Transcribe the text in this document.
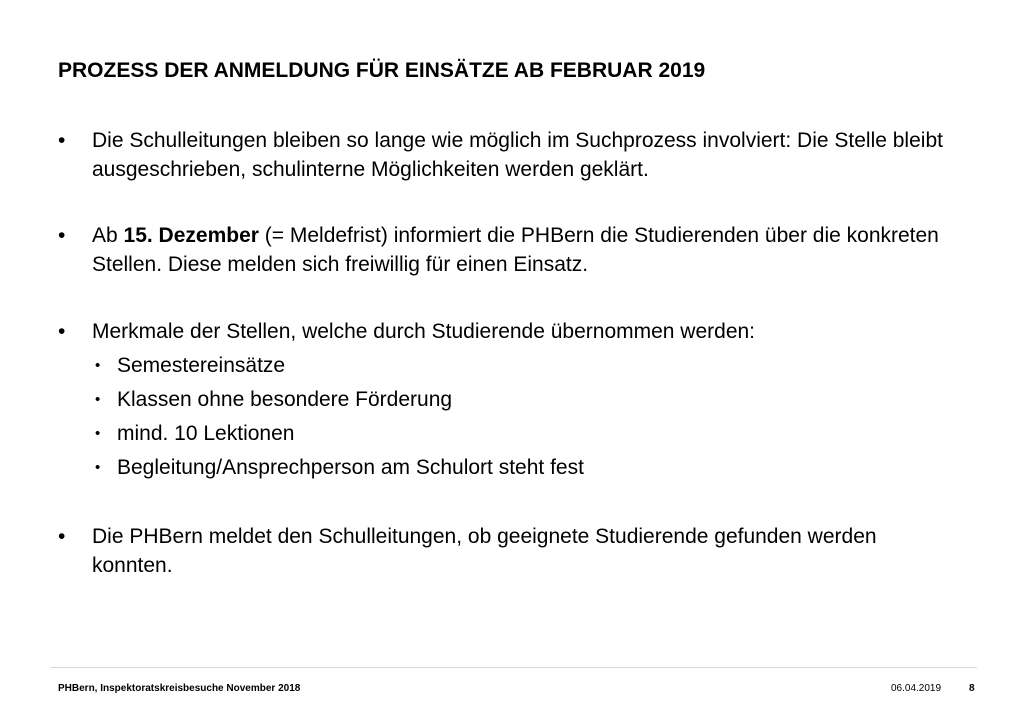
PROZESS DER ANMELDUNG FÜR EINSÄTZE AB FEBRUAR 2019
•	Die Schulleitungen bleiben so lange wie möglich im Suchprozess involviert: Die Stelle bleibt ausgeschrieben, schulinterne Möglichkeiten werden geklärt.
•	Ab 15. Dezember (= Meldefrist) informiert die PHBern die Studierenden über die konkreten Stellen. Diese melden sich freiwillig für einen Einsatz.
•	Merkmale der Stellen, welche durch Studierende übernommen werden:
• Semestereinsätze
• Klassen ohne besondere Förderung
• mind. 10 Lektionen
• Begleitung/Ansprechperson am Schulort steht fest
•	Die PHBern meldet den Schulleitungen, ob geeignete Studierende gefunden werden konnten.
PHBern, Inspektoratskreisbesuche November 2018	06.04.2019	8
